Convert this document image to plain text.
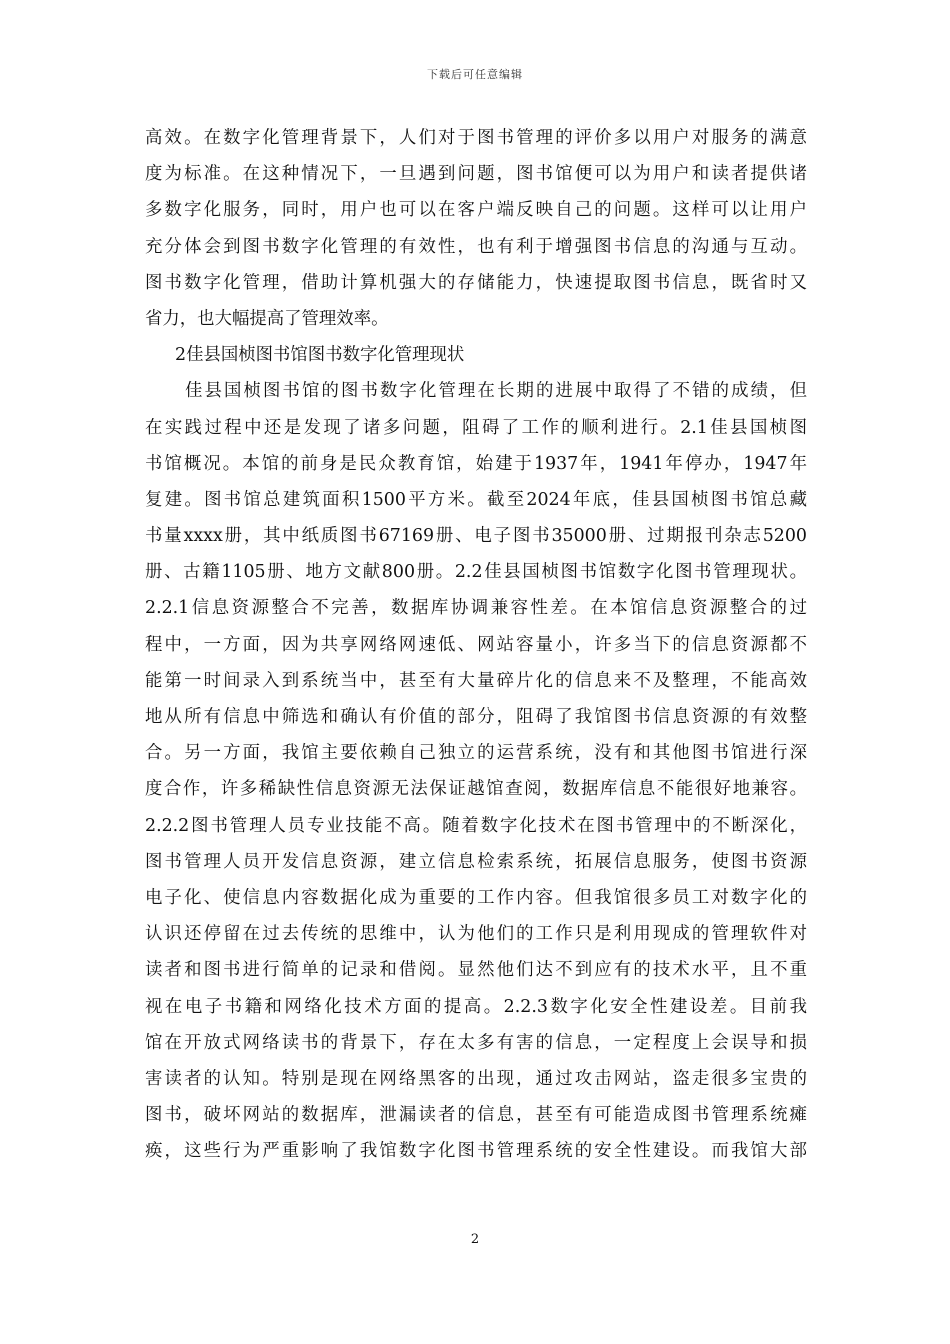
下载后可任意编辑
高效。在数字化管理背景下，人们对于图书管理的评价多以用户对服务的满意
度为标准。在这种情况下，一旦遇到问题，图书馆便可以为用户和读者提供诸
多数字化服务，同时，用户也可以在客户端反映自己的问题。这样可以让用户
充分体会到图书数字化管理的有效性，也有利于增强图书信息的沟通与互动。
图书数字化管理，借助计算机强大的存储能力，快速提取图书信息，既省时又
省力，也大幅提高了管理效率。
2佳县国桢图书馆图书数字化管理现状
佳县国桢图书馆的图书数字化管理在长期的进展中取得了不错的成绩，但
在实践过程中还是发现了诸多问题，阻碍了工作的顺利进行。2.1佳县国桢图
书馆概况。本馆的前身是民众教育馆，始建于1937年，1941年停办，1947年
复建。图书馆总建筑面积1500平方米。截至2024年底，佳县国桢图书馆总藏
书量xxxx册，其中纸质图书67169册、电子图书35000册、过期报刊杂志5200
册、古籍1105册、地方文献800册。2.2佳县国桢图书馆数字化图书管理现状。
2.2.1信息资源整合不完善，数据库协调兼容性差。在本馆信息资源整合的过
程中，一方面，因为共享网络网速低、网站容量小，许多当下的信息资源都不
能第一时间录入到系统当中，甚至有大量碎片化的信息来不及整理，不能高效
地从所有信息中筛选和确认有价值的部分，阻碍了我馆图书信息资源的有效整
合。另一方面，我馆主要依赖自己独立的运营系统，没有和其他图书馆进行深
度合作，许多稀缺性信息资源无法保证越馆查阅，数据库信息不能很好地兼容。
2.2.2图书管理人员专业技能不高。随着数字化技术在图书管理中的不断深化，
图书管理人员开发信息资源，建立信息检索系统，拓展信息服务，使图书资源
电子化、使信息内容数据化成为重要的工作内容。但我馆很多员工对数字化的
认识还停留在过去传统的思维中，认为他们的工作只是利用现成的管理软件对
读者和图书进行简单的记录和借阅。显然他们达不到应有的技术水平，且不重
视在电子书籍和网络化技术方面的提高。2.2.3数字化安全性建设差。目前我
馆在开放式网络读书的背景下，存在太多有害的信息，一定程度上会误导和损
害读者的认知。特别是现在网络黑客的出现，通过攻击网站，盗走很多宝贵的
图书，破坏网站的数据库，泄漏读者的信息，甚至有可能造成图书管理系统瘫
痪，这些行为严重影响了我馆数字化图书管理系统的安全性建设。而我馆大部
2
